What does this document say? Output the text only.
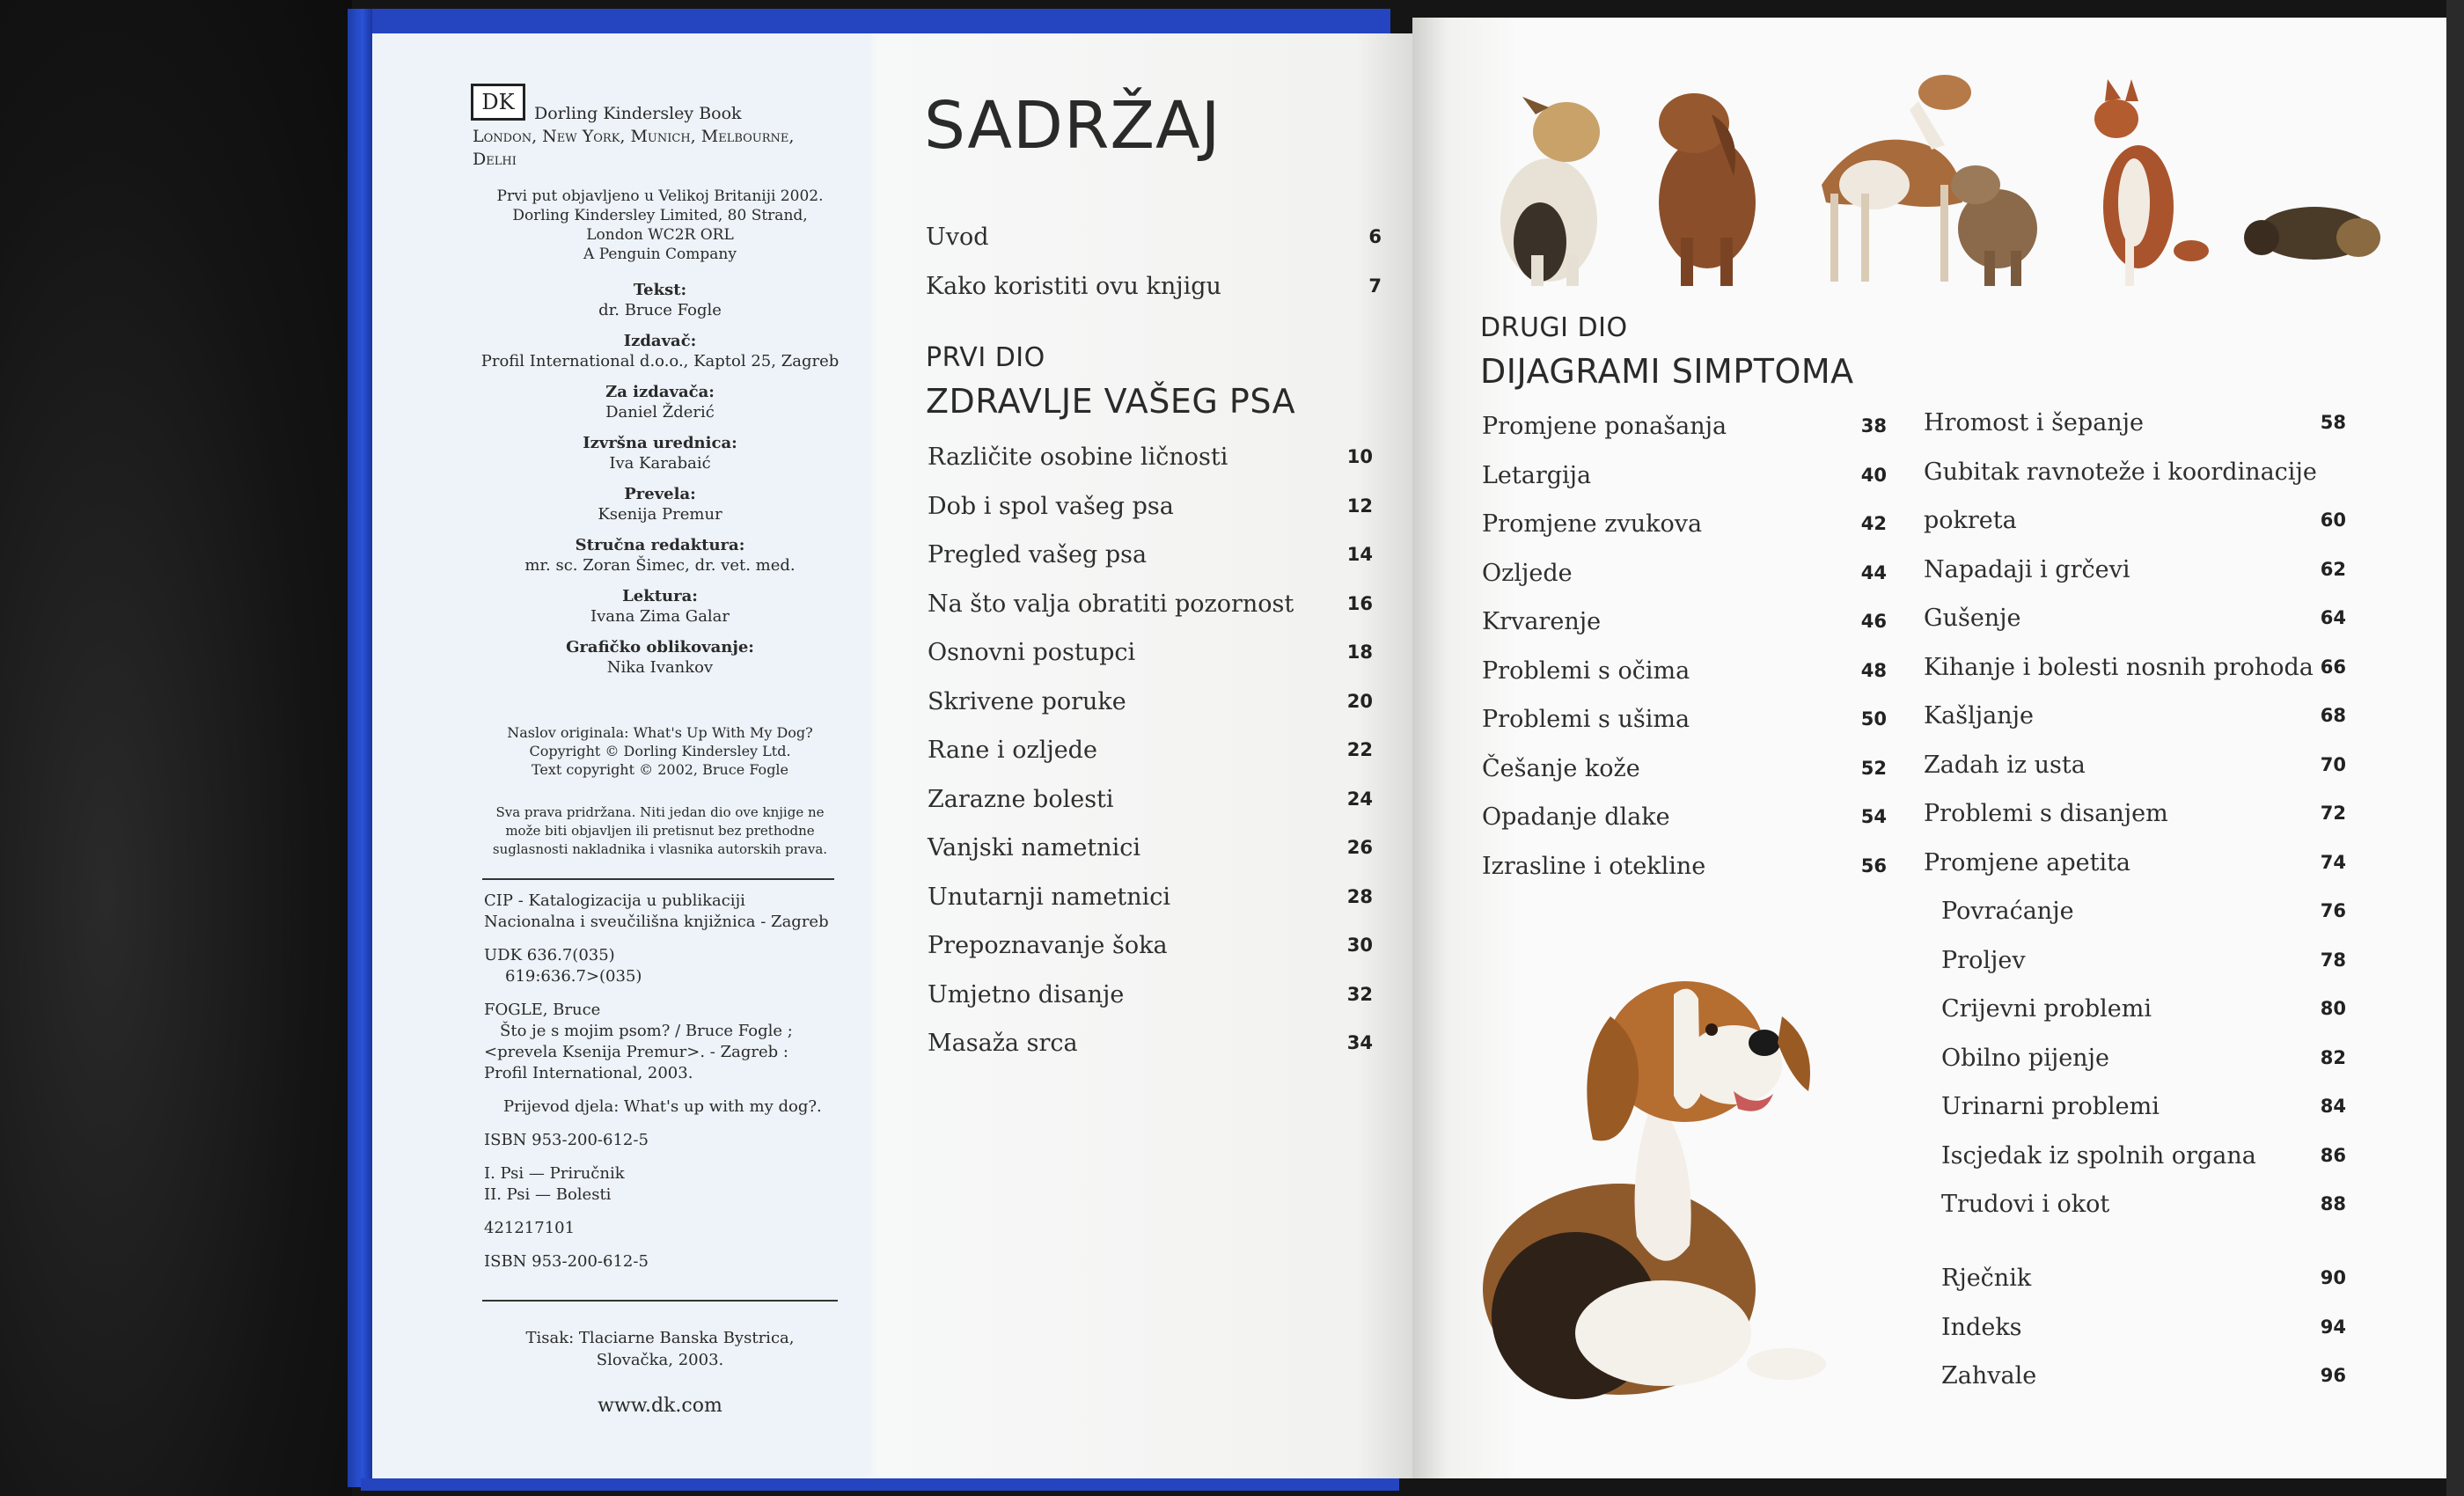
DK	Dorling Kindersley Book
London, New York, Munich, Melbourne,
Delhi
Prvi put objavljeno u Velikoj Britaniji 2002.
Dorling Kindersley Limited, 80 Strand,
London WC2R ORL
A Penguin Company
Tekst:
dr. Bruce Fogle
Izdavač:
Profil International d.o.o., Kaptol 25, Zagreb
Za izdavača:
Daniel Žderić
Izvršna urednica:
Iva Karabaić
Prevela:
Ksenija Premur
Stručna redaktura:
mr. sc. Zoran Šimec, dr. vet. med.
Lektura:
Ivana Zima Galar
Grafičko oblikovanje:
Nika Ivankov
Naslov originala: What's Up With My Dog?
Copyright © Dorling Kindersley Ltd.
Text copyright © 2002, Bruce Fogle
Sva prava pridržana. Niti jedan dio ove knjige ne
može biti objavljen ili pretisnut bez prethodne
suglasnosti nakladnika i vlasnika autorskih prava.
CIP - Katalogizacija u publikaciji
Nacionalna i sveučilišna knjižnica - Zagreb
UDK 636.7(035)
619:636.7>(035)
FOGLE, Bruce
Što je s mojim psom? / Bruce Fogle ;
<prevela Ksenija Premur>. - Zagreb :
Profil International, 2003.
Prijevod djela: What's up with my dog?.
ISBN 953-200-612-5
I. Psi — Priručnik
II. Psi — Bolesti
421217101
ISBN 953-200-612-5
Tisak: Tlaciarne Banska Bystrica,
Slovačka, 2003.
www.dk.com
SADRŽAJ
Uvod	6
Kako koristiti ovu knjigu	7
PRVI DIO
ZDRAVLJE VAŠEG PSA
Različite osobine ličnosti	10
Dob i spol vašeg psa	12
Pregled vašeg psa	14
Na što valja obratiti pozornost	16
Osnovni postupci	18
Skrivene poruke	20
Rane i ozljede	22
Zarazne bolesti	24
Vanjski nametnici	26
Unutarnji nametnici	28
Prepoznavanje šoka	30
Umjetno disanje	32
Masaža srca	34
DRUGI DIO
DIJAGRAMI SIMPTOMA
Promjene ponašanja	38
Letargija	40
Promjene zvukova	42
Ozljede	44
Krvarenje	46
Problemi s očima	48
Problemi s ušima	50
Češanje kože	52
Opadanje dlake	54
Izrasline i otekline	56
Hromost i šepanje	58
Gubitak ravnoteže i koordinacije
pokreta	60
Napadaji i grčevi	62
Gušenje	64
Kihanje i bolesti nosnih prohoda 66
Kašljanje	68
Zadah iz usta	70
Problemi s disanjem	72
Promjene apetita	74
Povraćanje	76
Proljev	78
Crijevni problemi	80
Obilno pijenje	82
Urinarni problemi	84
Iscjedak iz spolnih organa	86
Trudovi i okot	88
Rječnik	90
Indeks	94
Zahvale	96
